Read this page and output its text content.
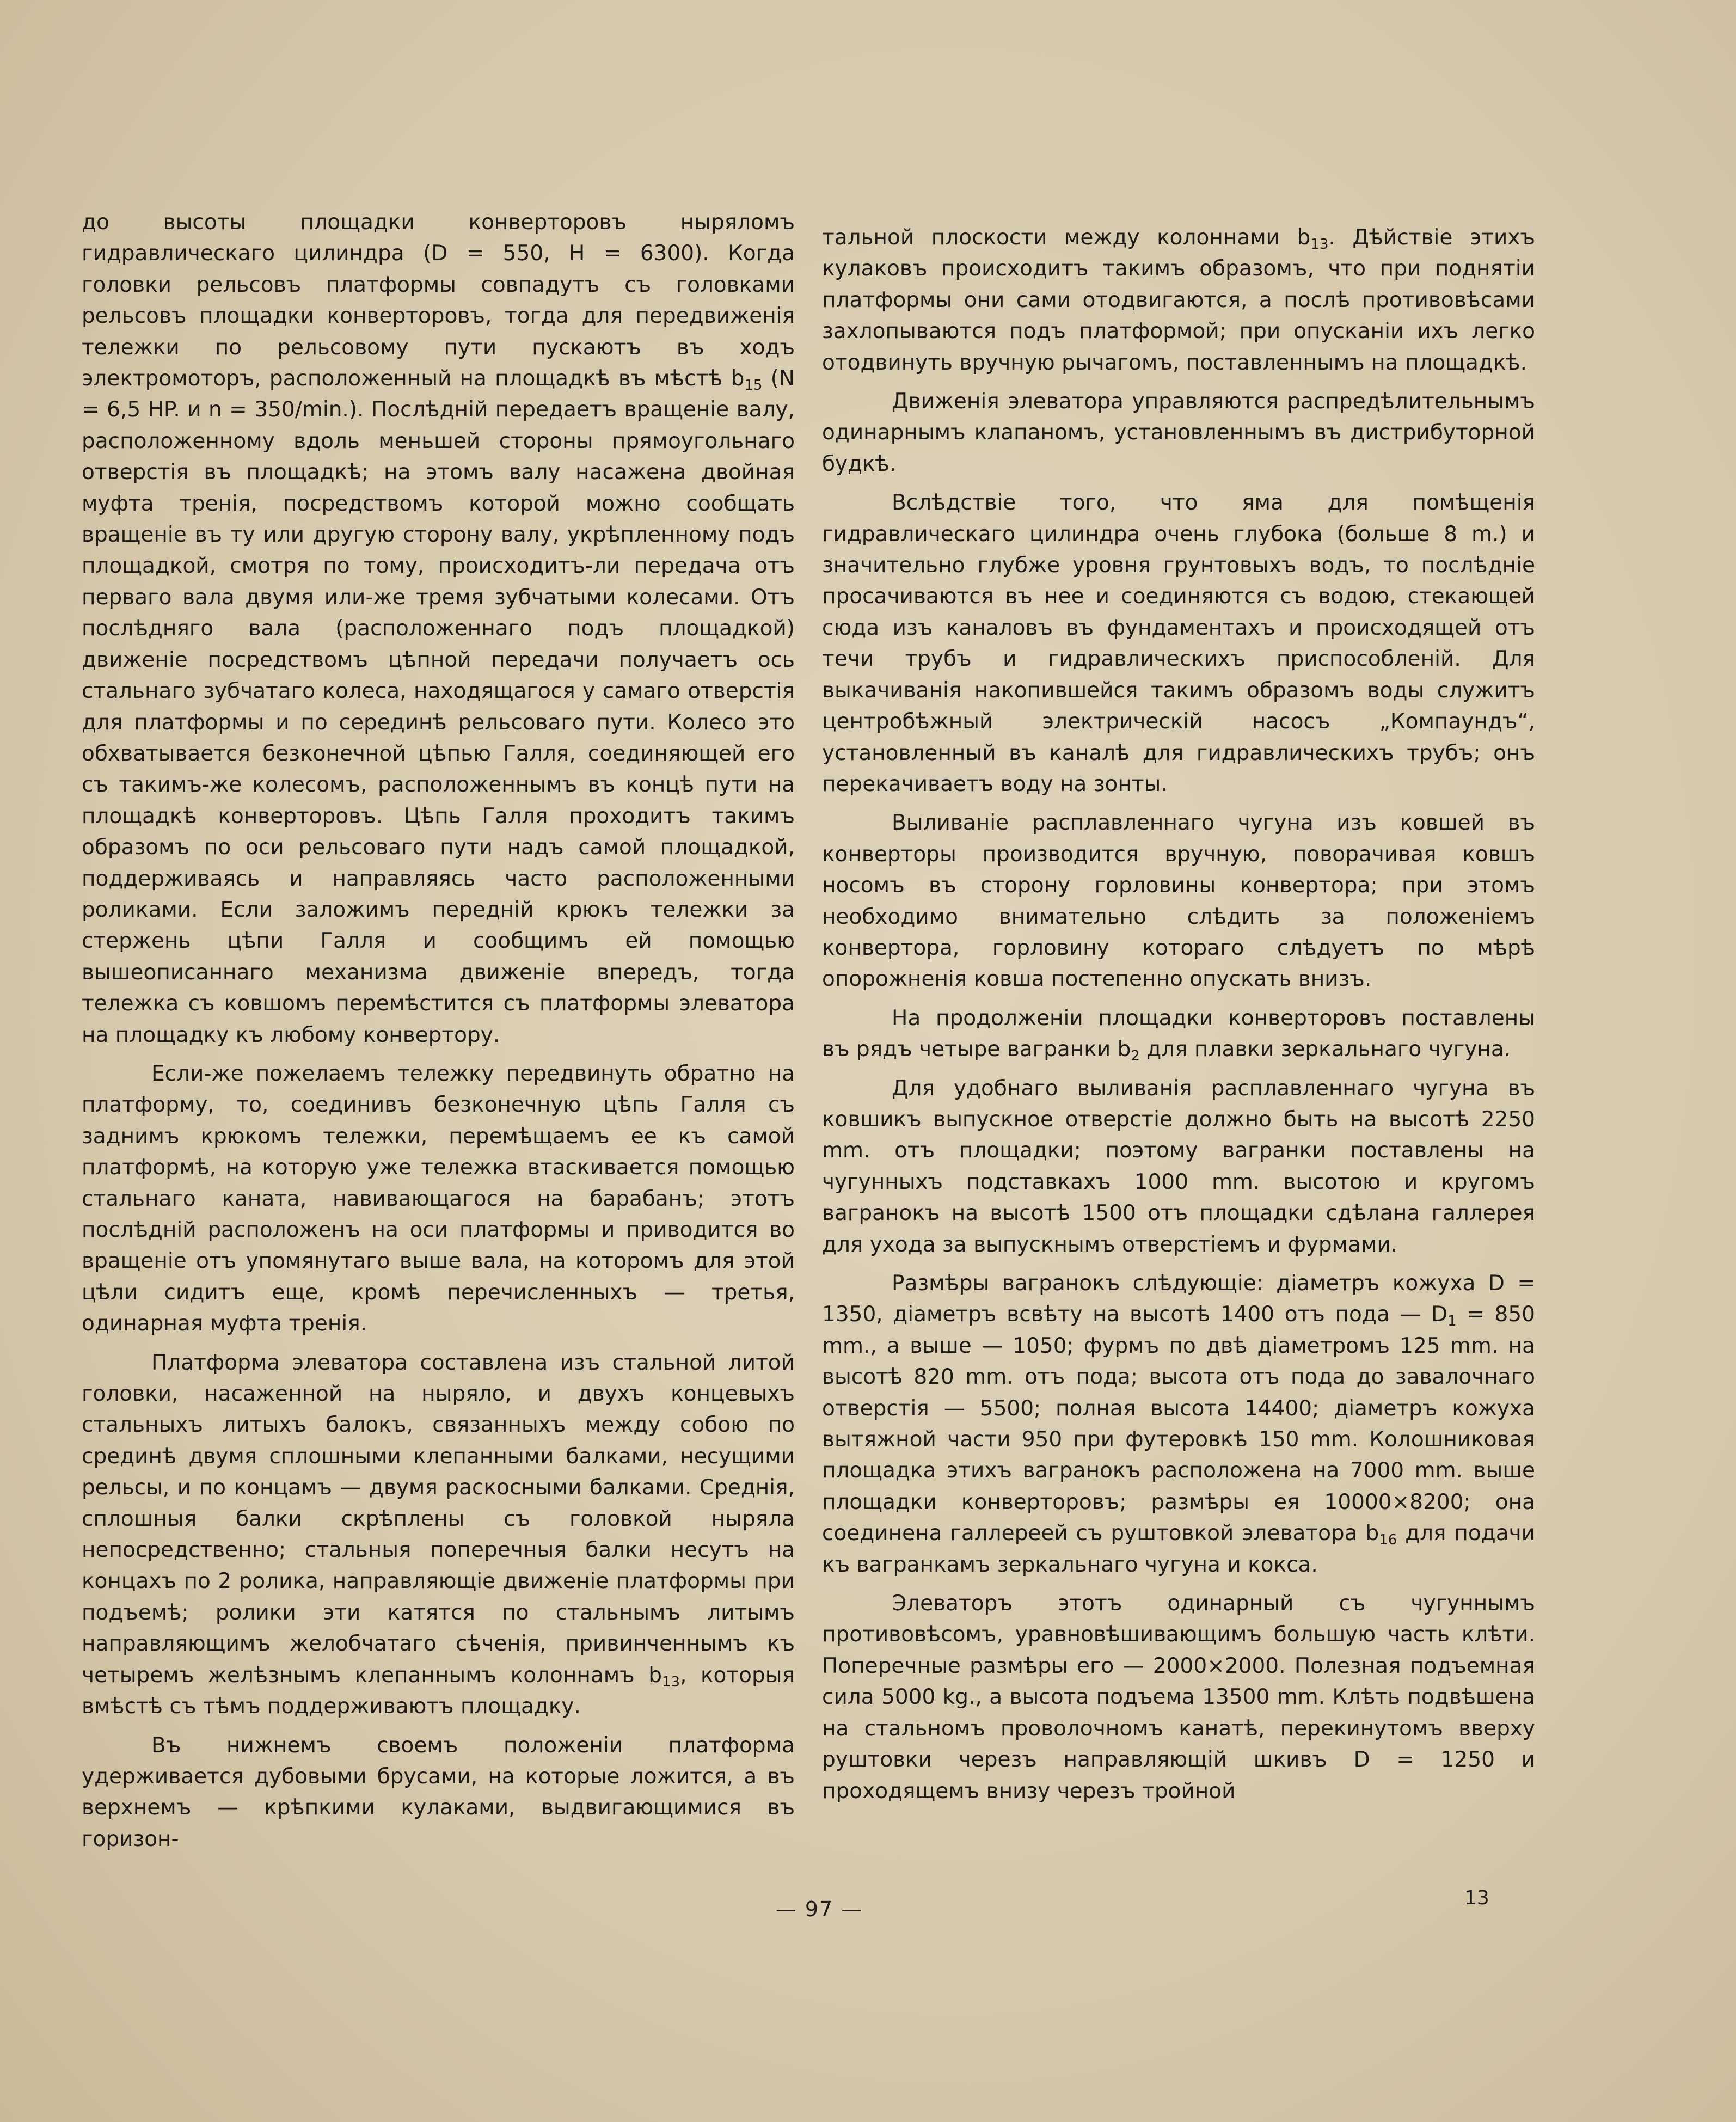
до высоты площадки конверторовъ ныряломъ гидравлическаго цилиндра (D = 550, H = 6300). Когда головки рельсовъ платформы совпадутъ съ головками рельсовъ площадки конверторовъ, тогда для передвиженія тележки по рельсовому пути пускаютъ въ ходъ электромоторъ, расположенный на площадкѣ въ мѣстѣ $b_{15}$ (N = 6,5 HP. и n = 350/min.). Послѣдній передаетъ вращеніе валу, расположенному вдоль меньшей стороны прямоугольнаго отверстія въ площадкѣ; на этомъ валу насажена двойная муфта тренія, посредствомъ которой можно сообщать вращеніе въ ту или другую сторону валу, укрѣпленному подъ площадкой, смотря по тому, происходитъ-ли передача отъ перваго вала двумя или-же тремя зубчатыми колесами. Отъ послѣдняго вала (расположеннаго подъ площадкой) движеніе посредствомъ цѣпной передачи получаетъ ось стальнаго зубчатаго колеса, находящагося у самаго отверстія для платформы и по серединѣ рельсоваго пути. Колесо это обхватывается безконечной цѣпью Галля, соединяющей его съ такимъ-же колесомъ, расположеннымъ въ концѣ пути на площадкѣ конверторовъ. Цѣпь Галля проходитъ такимъ образомъ по оси рельсоваго пути надъ самой площадкой, поддерживаясь и направляясь часто расположенными роликами. Если заложимъ передній крюкъ тележки за стержень цѣпи Галля и сообщимъ ей помощью вышеописаннаго механизма движеніе впередъ, тогда тележка съ ковшомъ перемѣстится съ платформы элеватора на площадку къ любому конвертору.

Если-же пожелаемъ тележку передвинуть обратно на платформу, то, соединивъ безконечную цѣпь Галля съ заднимъ крюкомъ тележки, перемѣщаемъ ее къ самой платформѣ, на которую уже тележка втаскивается помощью стальнаго каната, навивающагося на барабанъ; этотъ послѣдній расположенъ на оси платформы и приводится во вращеніе отъ упомянутаго выше вала, на которомъ для этой цѣли сидитъ еще, кромѣ перечисленныхъ — третья, одинарная муфта тренія.

Платформа элеватора составлена изъ стальной литой головки, насаженной на ныряло, и двухъ концевыхъ стальныхъ литыхъ балокъ, связанныхъ между собою по срединѣ двумя сплошными клепанными балками, несущими рельсы, и по концамъ — двумя раскосными балками. Среднія, сплошныя балки скрѣплены съ головкой ныряла непосредственно; стальныя поперечныя балки несутъ на концахъ по 2 ролика, направляющіе движеніе платформы при подъемѣ; ролики эти катятся по стальнымъ литымъ направляющимъ желобчатаго сѣченія, привинченнымъ къ четыремъ желѣзнымъ клепаннымъ колоннамъ $b_{13}$, которыя вмѣстѣ съ тѣмъ поддерживаютъ площадку.

Въ нижнемъ своемъ положеніи платформа удерживается дубовыми брусами, на которые ложится, а въ верхнемъ — крѣпкими кулаками, выдвигающимися въ горизон-

тальной плоскости между колоннами $b_{13}$. Дѣйствіе этихъ кулаковъ происходитъ такимъ образомъ, что при поднятіи платформы они сами отодвигаются, а послѣ противовѣсами захлопываются подъ платформой; при опусканіи ихъ легко отодвинуть вручную рычагомъ, поставленнымъ на площадкѣ.

Движенія элеватора управляются распредѣлительнымъ одинарнымъ клапаномъ, установленнымъ въ дистрибуторной будкѣ.

Вслѣдствіе того, что яма для помѣщенія гидравлическаго цилиндра очень глубока (больше 8 m.) и значительно глубже уровня грунтовыхъ водъ, то послѣдніе просачиваются въ нее и соединяются съ водою, стекающей сюда изъ каналовъ въ фундаментахъ и происходящей отъ течи трубъ и гидравлическихъ приспособленій. Для выкачиванія накопившейся такимъ образомъ воды служитъ центробѣжный электрическій насосъ „Компаундъ“, установленный въ каналѣ для гидравлическихъ трубъ; онъ перекачиваетъ воду на зонты.

Выливаніе расплавленнаго чугуна изъ ковшей въ конверторы производится вручную, поворачивая ковшъ носомъ въ сторону горловины конвертора; при этомъ необходимо внимательно слѣдить за положеніемъ конвертора, горловину котораго слѣдуетъ по мѣрѣ опорожненія ковша постепенно опускать внизъ.

На продолженіи площадки конверторовъ поставлены въ рядъ четыре вагранки $b_2$ для плавки зеркальнаго чугуна.

Для удобнаго выливанія расплавленнаго чугуна въ ковшикъ выпускное отверстіе должно быть на высотѣ 2250 mm. отъ площадки; поэтому вагранки поставлены на чугунныхъ подставкахъ 1000 mm. высотою и кругомъ вагранокъ на высотѣ 1500 отъ площадки сдѣлана галлерея для ухода за выпускнымъ отверстіемъ и фурмами.

Размѣры вагранокъ слѣдующіе: діаметръ кожуха D = 1350, діаметръ всвѣту на высотѣ 1400 отъ пода — $D_1 = 850$ mm., а выше — 1050; фурмъ по двѣ діаметромъ 125 mm. на высотѣ 820 mm. отъ пода; высота отъ пода до завалочнаго отверстія — 5500; полная высота 14400; діаметръ кожуха вытяжной части 950 при футеровкѣ 150 mm. Колошниковая площадка этихъ вагранокъ расположена на 7000 mm. выше площадки конверторовъ; размѣры ея 10000×8200; она соединена галлереей съ руштовкой элеватора $b_{16}$ для подачи къ вагранкамъ зеркальнаго чугуна и кокса.

Элеваторъ этотъ одинарный съ чугуннымъ противовѣсомъ, уравновѣшивающимъ большую часть клѣти. Поперечные размѣры его — 2000×2000. Полезная подъемная сила 5000 kg., а высота подъема 13500 mm. Клѣть подвѣшена на стальномъ проволочномъ канатѣ, перекинутомъ вверху руштовки черезъ направляющій шкивъ D = 1250 и проходящемъ внизу черезъ тройной

— 97 —	13
